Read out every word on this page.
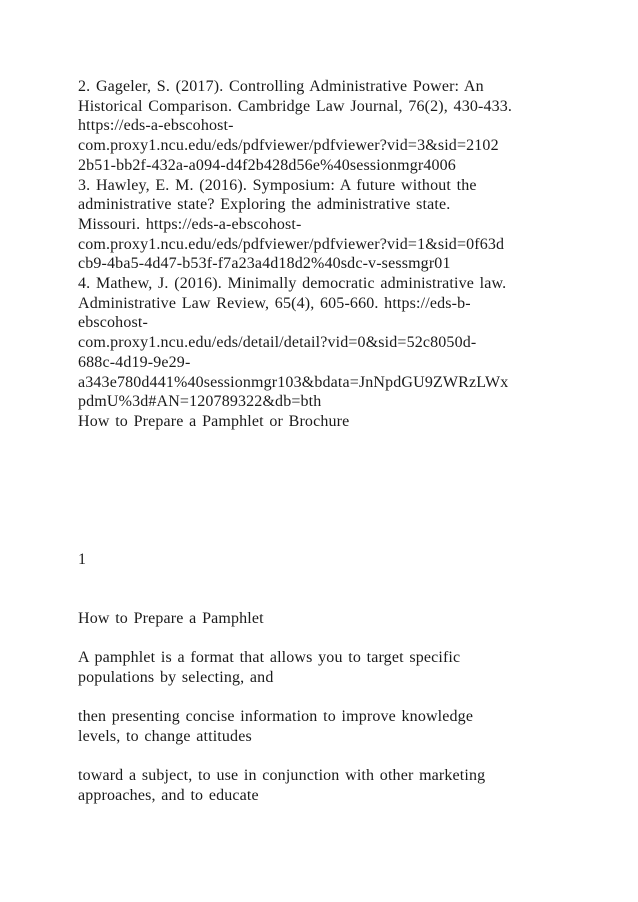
2. Gageler, S. (2017). Controlling Administrative Power: An
Historical Comparison. Cambridge Law Journal, 76(2), 430-433.
https://eds-a-ebscohost-
com.proxy1.ncu.edu/eds/pdfviewer/pdfviewer?vid=3&sid=2102
2b51-bb2f-432a-a094-d4f2b428d56e%40sessionmgr4006
3. Hawley, E. M. (2016). Symposium: A future without the
administrative state? Exploring the administrative state.
Missouri. https://eds-a-ebscohost-
com.proxy1.ncu.edu/eds/pdfviewer/pdfviewer?vid=1&sid=0f63d
cb9-4ba5-4d47-b53f-f7a23a4d18d2%40sdc-v-sessmgr01
4. Mathew, J. (2016). Minimally democratic administrative law.
Administrative Law Review, 65(4), 605-660. https://eds-b-
ebscohost-
com.proxy1.ncu.edu/eds/detail/detail?vid=0&sid=52c8050d-
688c-4d19-9e29-
a343e780d441%40sessionmgr103&bdata=JnNpdGU9ZWRzLWx
pdmU%3d#AN=120789322&db=bth
How to Prepare a Pamphlet or Brochure
1
How to Prepare a Pamphlet
A pamphlet is a format that allows you to target specific
populations by selecting, and
then presenting concise information to improve knowledge
levels, to change attitudes
toward a subject, to use in conjunction with other marketing
approaches, and to educate
